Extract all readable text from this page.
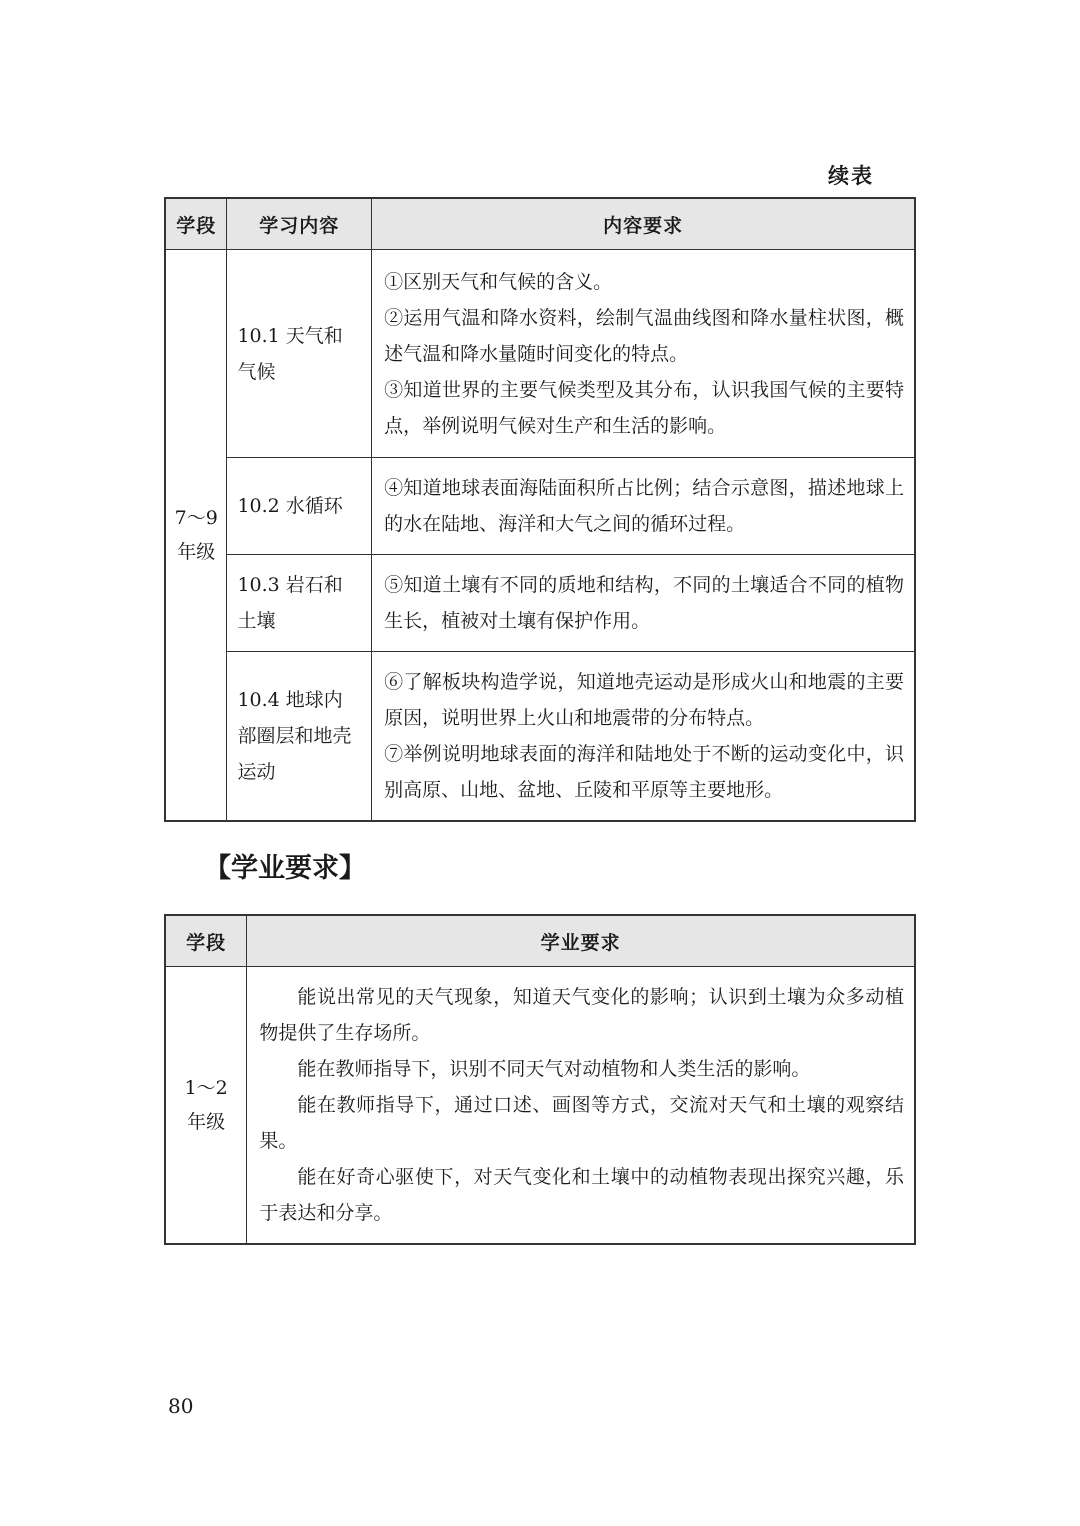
续表
学段	学习内容	内容要求
7～9年级	10.1 天气和气候	①区别天气和气候的含义。

②运用气温和降水资料，绘制气温曲线图和降水量柱状图，概述气温和降水量随时间变化的特点。

③知道世界的主要气候类型及其分布，认识我国气候的主要特点，举例说明气候对生产和生活的影响。

	10.2 水循环	④知道地球表面海陆面积所占比例；结合示意图，描述地球上的水在陆地、海洋和大气之间的循环过程。

	10.3 岩石和土壤	⑤知道土壤有不同的质地和结构，不同的土壤适合不同的植物生长，植被对土壤有保护作用。

	10.4 地球内部圈层和地壳运动	⑥了解板块构造学说，知道地壳运动是形成火山和地震的主要原因，说明世界上火山和地震带的分布特点。

⑦举例说明地球表面的海洋和陆地处于不断的运动变化中，识别高原、山地、盆地、丘陵和平原等主要地形。

【学业要求】
学段	学业要求
1～2年级	能说出常见的天气现象，知道天气变化的影响；认识到土壤为众多动植物提供了生存场所。

能在教师指导下，识别不同天气对动植物和人类生活的影响。

能在教师指导下，通过口述、画图等方式，交流对天气和土壤的观察结果。

能在好奇心驱使下，对天气变化和土壤中的动植物表现出探究兴趣，乐于表达和分享。

80
